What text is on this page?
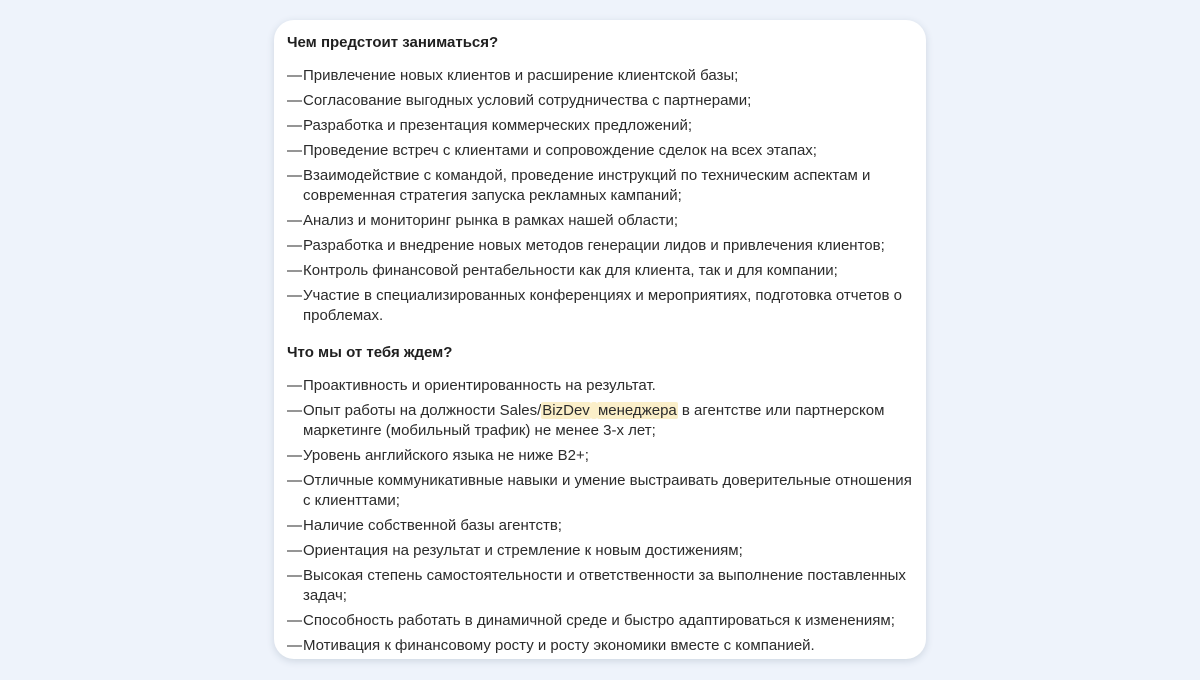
Чем предстоит заниматься?
— Привлечение новых клиентов и расширение клиентской базы;
— Согласование выгодных условий сотрудничества с партнерами;
— Разработка и презентация коммерческих предложений;
— Проведение встреч с клиентами и сопровождение сделок на всех этапах;
— Взаимодействие с командой, проведение инструкций по техническим аспектам и современная стратегия запуска рекламных кампаний;
— Анализ и мониторинг рынка в рамках нашей области;
— Разработка и внедрение новых методов генерации лидов и привлечения клиентов;
— Контроль финансовой рентабельности как для клиента, так и для компании;
— Участие в специализированных конференциях и мероприятиях, подготовка отчетов о проблемах.
Что мы от тебя ждем?
— Проактивность и ориентированность на результат.
— Опыт работы на должности Sales/BizDev менеджера в агентстве или партнерском маркетинге (мобильный трафик) не менее 3-х лет;
— Уровень английского языка не ниже B2+;
— Отличные коммуникативные навыки и умение выстраивать доверительные отношения с клиенттами;
— Наличие собственной базы агентств;
— Ориентация на результат и стремление к новым достижениям;
— Высокая степень самостоятельности и ответственности за выполнение поставленных задач;
— Способность работать в динамичной среде и быстро адаптироваться к изменениям;
— Мотивация к финансовому росту и росту экономики вместе с компанией.
